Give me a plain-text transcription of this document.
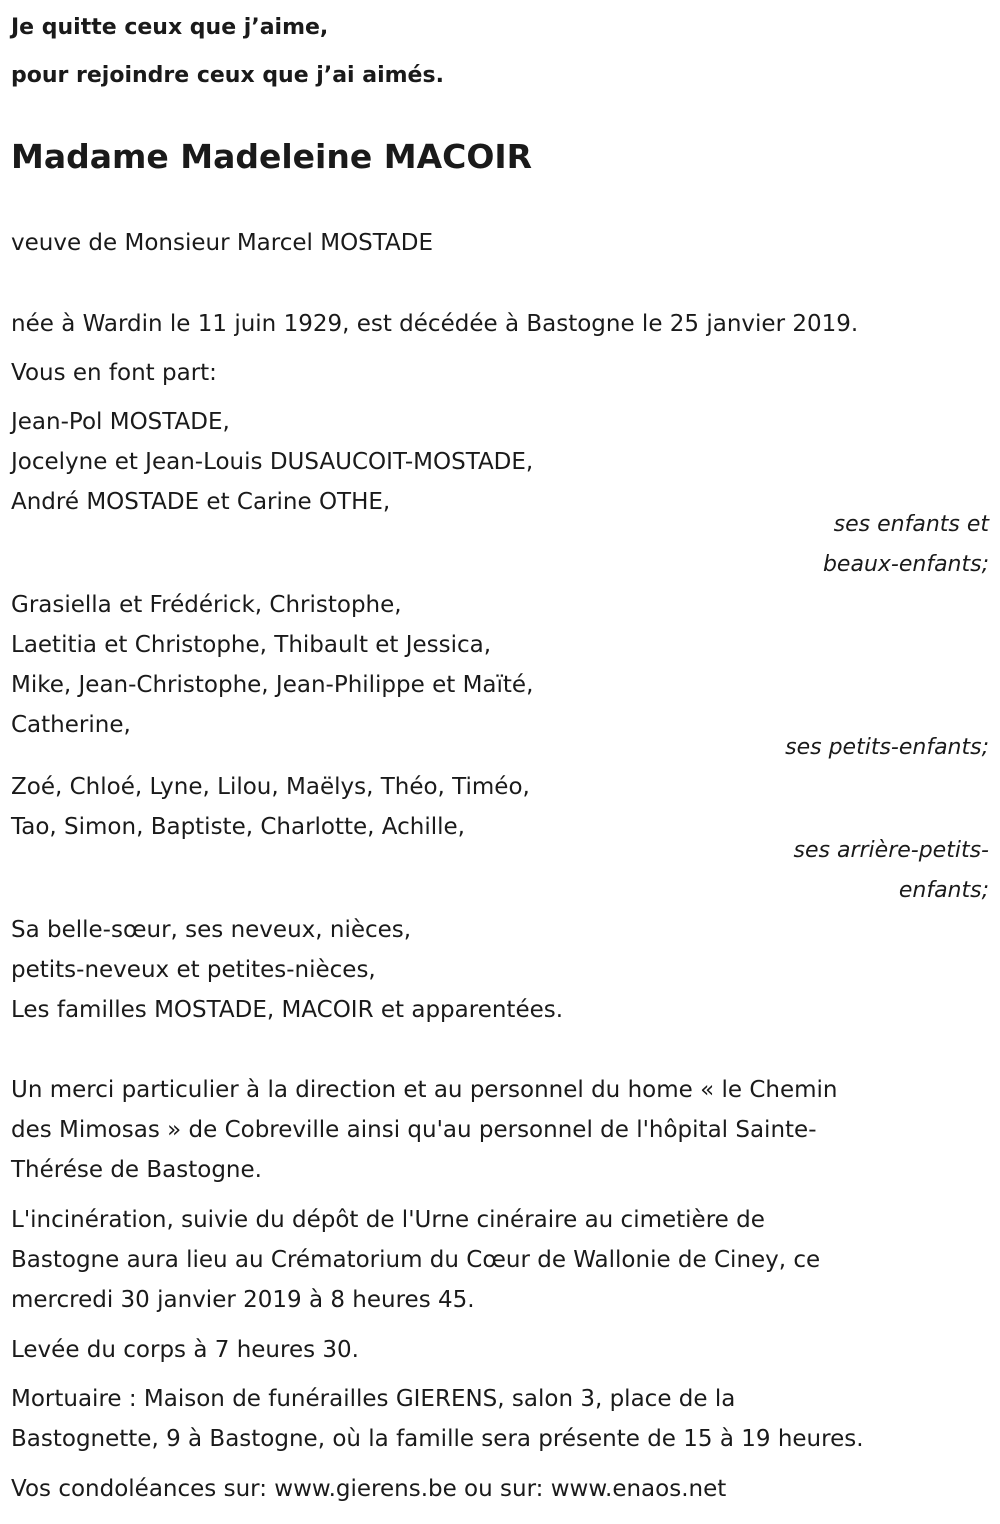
Je quitte ceux que j’aime,

pour rejoindre ceux que j’ai aimés.

Madame Madeleine MACOIR

veuve de Monsieur Marcel MOSTADE

née à Wardin le 11 juin 1929, est décédée à Bastogne le 25 janvier 2019.

Vous en font part:

Jean-Pol MOSTADE,

Jocelyne et Jean-Louis DUSAUCOIT-MOSTADE,

André MOSTADE et Carine OTHE,

ses enfants et

beaux-enfants;

Grasiella et Frédérick, Christophe,

Laetitia et Christophe, Thibault et Jessica,

Mike, Jean-Christophe, Jean-Philippe et Maïté,

Catherine,

ses petits-enfants;

Zoé, Chloé, Lyne, Lilou, Maëlys, Théo, Timéo,

Tao, Simon, Baptiste, Charlotte, Achille,

ses arrière-petits-

enfants;

Sa belle-sœur, ses neveux, nièces,

petits-neveux et petites-nièces,

Les familles MOSTADE, MACOIR et apparentées.

Un merci particulier à la direction et au personnel du home « le Chemin

des Mimosas » de Cobreville ainsi qu'au personnel de l'hôpital Sainte-

Thérése de Bastogne.

L'incinération, suivie du dépôt de l'Urne cinéraire au cimetière de

Bastogne aura lieu au Crématorium du Cœur de Wallonie de Ciney, ce

mercredi 30 janvier 2019 à 8 heures 45.

Levée du corps à 7 heures 30.

Mortuaire : Maison de funérailles GIERENS, salon 3, place de la

Bastognette, 9 à Bastogne, où la famille sera présente de 15 à 19 heures.

Vos condoléances sur: www.gierens.be ou sur: www.enaos.net
